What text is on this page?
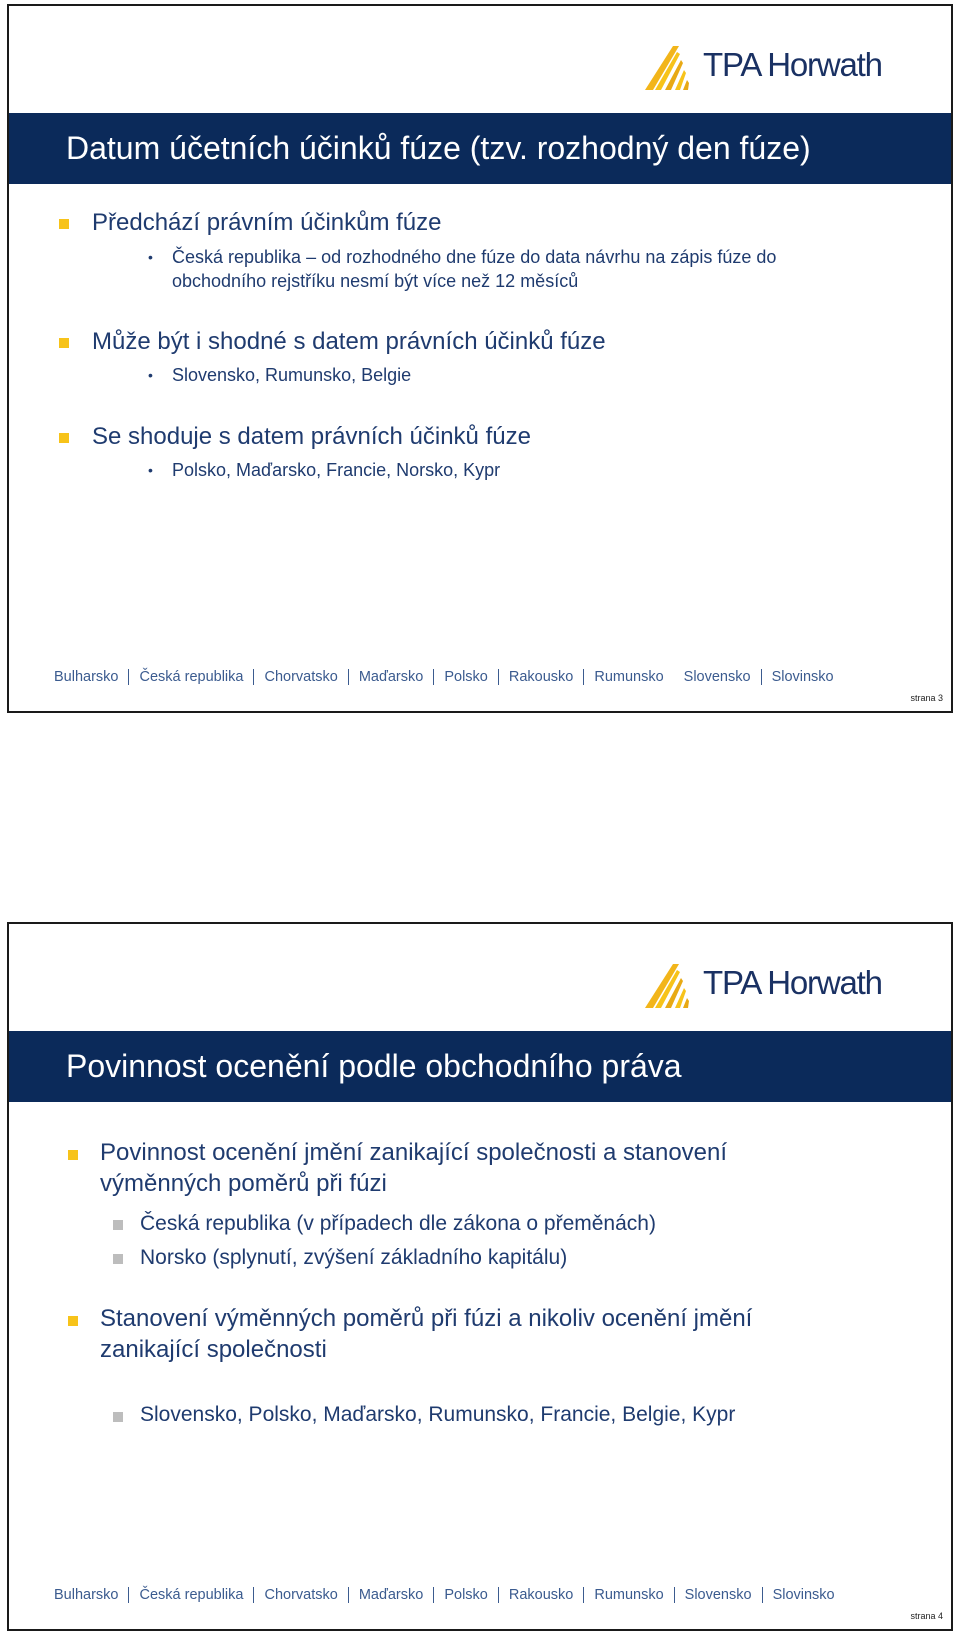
TPA Horwath
Datum účetních účinků fúze (tzv. rozhodný den fúze)
Předchází právním účinkům fúze
• Česká republika – od rozhodného dne fúze do data návrhu na zápis fúze do
obchodního rejstříku nesmí být více než 12 měsíců
Může být i shodné s datem právních účinků fúze
• Slovensko, Rumunsko, Belgie
Se shoduje s datem právních účinků fúze
• Polsko, Maďarsko, Francie, Norsko, Kypr
Bulharsko Česká republika Chorvatsko Maďarsko Polsko Rakousko Rumunsko Slovensko Slovinsko
strana 3
TPA Horwath
Povinnost ocenění podle obchodního práva
Povinnost ocenění jmění zanikající společnosti a stanovení
výměnných poměrů při fúzi
Česká republika (v případech dle zákona o přeměnách)
Norsko (splynutí, zvýšení základního kapitálu)
Stanovení výměnných poměrů při fúzi a nikoliv ocenění jmění
zanikající společnosti
Slovensko, Polsko, Maďarsko, Rumunsko, Francie, Belgie, Kypr
Bulharsko Česká republika Chorvatsko Maďarsko Polsko Rakousko Rumunsko Slovensko Slovinsko
strana 4
